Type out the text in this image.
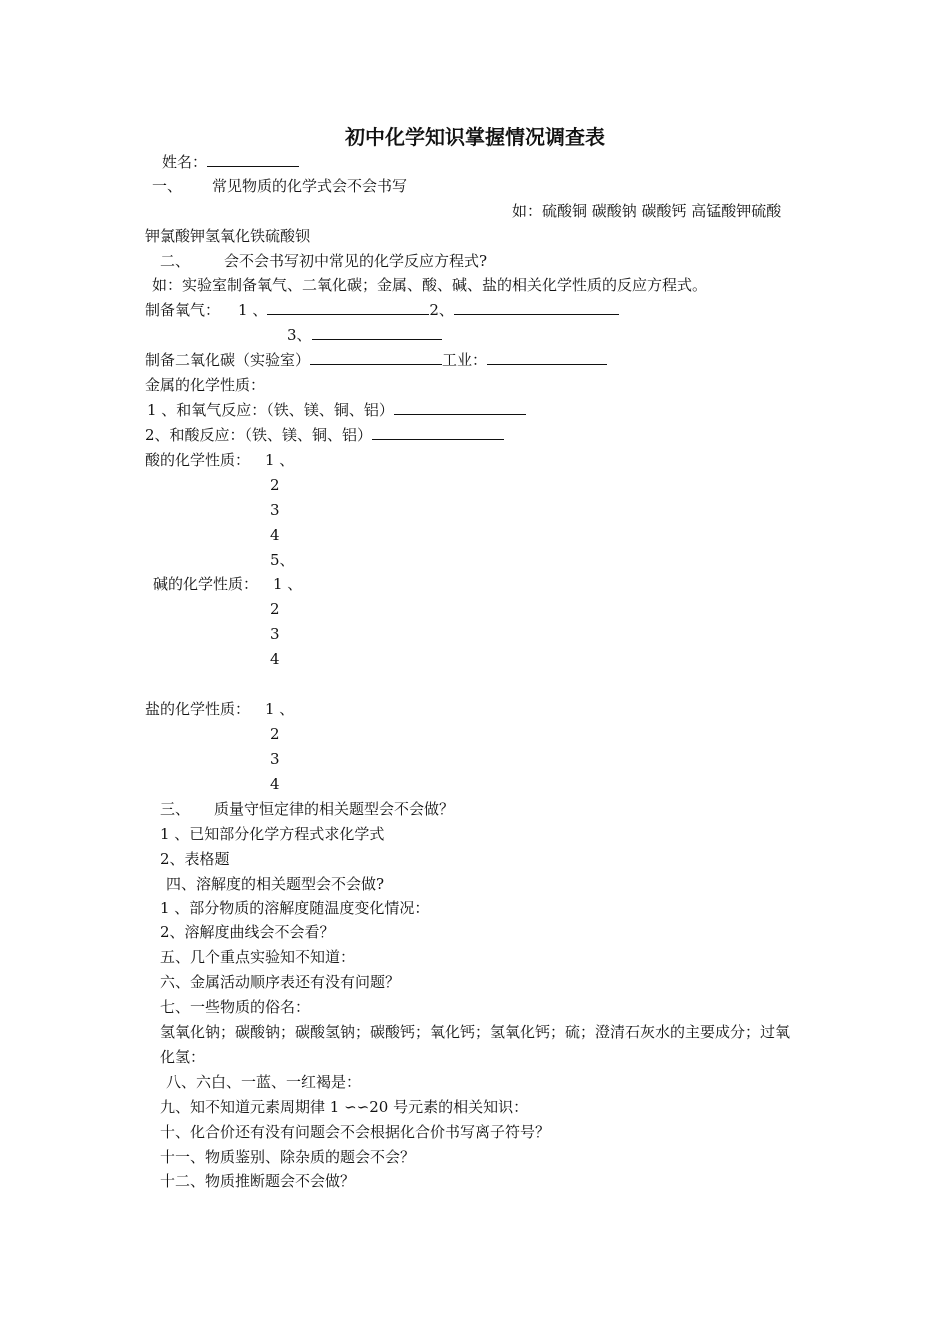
初中化学知识掌握情况调查表
姓名：
一、 常见物质的化学式会不会书写
如：硫酸铜 碳酸钠 碳酸钙 高锰酸钾硫酸
钾氯酸钾氢氧化铁硫酸钡
二、 会不会书写初中常见的化学反应方程式?
如：实验室制备氧气、二氧化碳；金属、酸、碱、盐的相关化学性质的反应方程式。
制备氧气： 1 、	2、
3、
制备二氧化碳（实验室）	工业：
金属的化学性质：
1 、和氧气反应：（铁、镁、铜、铝）
2、和酸反应：（铁、镁、铜、铝）
酸的化学性质： 1 、
2
3
4
5、
碱的化学性质： 1 、
2
3
4
盐的化学性质： 1 、
2
3
4
三、 质量守恒定律的相关题型会不会做？
1 、已知部分化学方程式求化学式
2、表格题
四、溶解度的相关题型会不会做?
1 、部分物质的溶解度随温度变化情况：
2、溶解度曲线会不会看？
五、几个重点实验知不知道：
六、金属活动顺序表还有没有问题？
七、一些物质的俗名：
氢氧化钠；碳酸钠；碳酸氢钠；碳酸钙；氧化钙；氢氧化钙；硫；澄清石灰水的主要成分；过氧
化氢：
八、六白、一蓝、一红褐是：
九、知不知道元素周期律 1 ∽∽20 号元素的相关知识：
十、化合价还有没有问题会不会根据化合价书写离子符号？
十一、物质鉴别、除杂质的题会不会？
十二、物质推断题会不会做？
